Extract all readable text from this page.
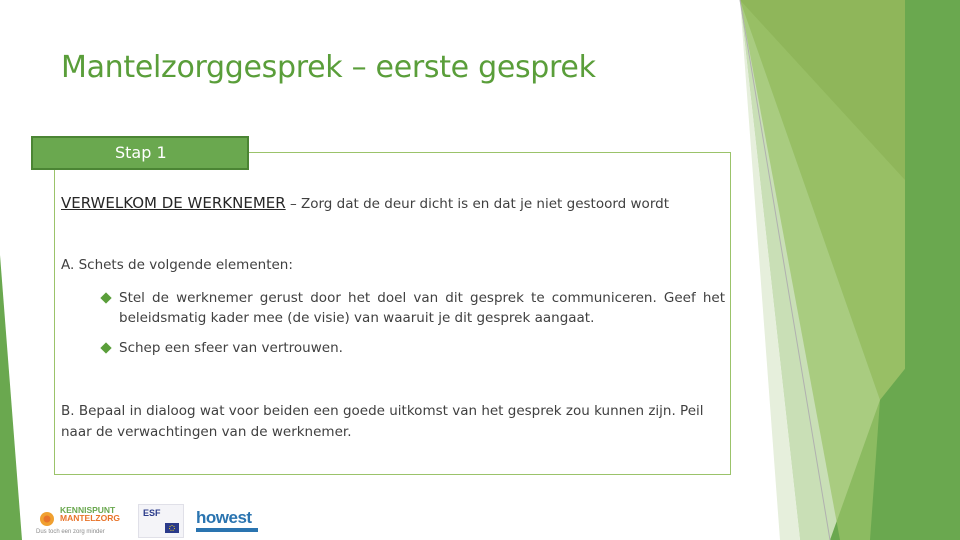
Mantelzorggesprek – eerste gesprek
Stap 1
VERWELKOM DE WERKNEMER – Zorg dat de deur dicht is en dat je niet gestoord wordt
A. Schets de volgende elementen:
Stel de werknemer gerust door het doel van dit gesprek te communiceren. Geef het beleidsmatig kader mee (de visie) van waaruit je dit gesprek aangaat.
Schep een sfeer van vertrouwen.
B. Bepaal in dialoog wat voor beiden een goede uitkomst van het gesprek zou kunnen zijn. Peil naar de verwachtingen van de werknemer.
KENNISPUNT
MANTELZORG
Dus toch een zorg minder
ESF howest
